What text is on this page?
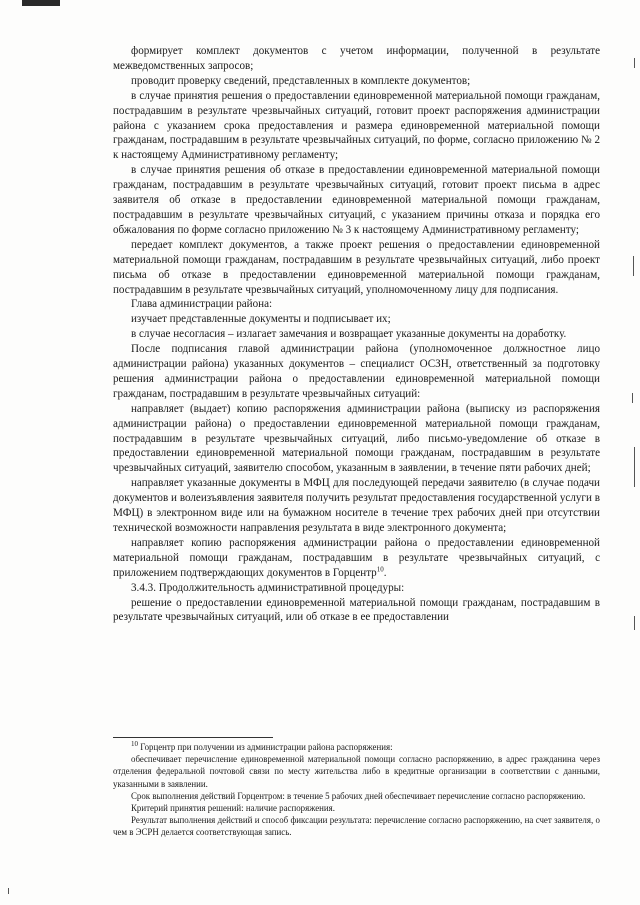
формирует комплект документов с учетом информации, полученной в результате межведомственных запросов;

проводит проверку сведений, представленных в комплекте документов;

в случае принятия решения о предоставлении единовременной материальной помощи гражданам, пострадавшим в результате чрезвычайных ситуаций, готовит проект распоряжения администрации района с указанием срока предоставления и размера единовременной материальной помощи гражданам, пострадавшим в результате чрезвычайных ситуаций, по форме, согласно приложению № 2 к настоящему Административному регламенту;

в случае принятия решения об отказе в предоставлении единовременной материальной помощи гражданам, пострадавшим в результате чрезвычайных ситуаций, готовит проект письма в адрес заявителя об отказе в предоставлении единовременной материальной помощи гражданам, пострадавшим в результате чрезвычайных ситуаций, с указанием причины отказа и порядка его обжалования по форме согласно приложению № 3 к настоящему Административному регламенту;

передает комплект документов, а также проект решения о предоставлении единовременной материальной помощи гражданам, пострадавшим в результате чрезвычайных ситуаций, либо проект письма об отказе в предоставлении единовременной материальной помощи гражданам, пострадавшим в результате чрезвычайных ситуаций, уполномоченному лицу для подписания.

Глава администрации района:

изучает представленные документы и подписывает их;

в случае несогласия – излагает замечания и возвращает указанные документы на доработку.

После подписания главой администрации района (уполномоченное должностное лицо администрации района) указанных документов – специалист ОСЗН, ответственный за подготовку решения администрации района о предоставлении единовременной материальной помощи гражданам, пострадавшим в результате чрезвычайных ситуаций:

направляет (выдает) копию распоряжения администрации района (выписку из распоряжения администрации района) о предоставлении единовременной материальной помощи гражданам, пострадавшим в результате чрезвычайных ситуаций, либо письмо-уведомление об отказе в предоставлении единовременной материальной помощи гражданам, пострадавшим в результате чрезвычайных ситуаций, заявителю способом, указанным в заявлении, в течение пяти рабочих дней;

направляет указанные документы в МФЦ для последующей передачи заявителю (в случае подачи документов и волеизъявления заявителя получить результат предоставления государственной услуги в МФЦ) в электронном виде или на бумажном носителе в течение трех рабочих дней при отсутствии технической возможности направления результата в виде электронного документа;

направляет копию распоряжения администрации района о предоставлении единовременной материальной помощи гражданам, пострадавшим в результате чрезвычайных ситуаций, с приложением подтверждающих документов в Горцентр$^{10}$.

3.4.3. Продолжительность административной процедуры:

решение о предоставлении единовременной материальной помощи гражданам, пострадавшим в результате чрезвычайных ситуаций, или об отказе в ее предоставлении

$^{10}$ Горцентр при получении из администрации района распоряжения:

обеспечивает перечисление единовременной материальной помощи согласно распоряжению, в адрес гражданина через отделения федеральной почтовой связи по месту жительства либо в кредитные организации в соответствии с данными, указанными в заявлении.

Срок выполнения действий Горцентром: в течение 5 рабочих дней обеспечивает перечисление согласно распоряжению.

Критерий принятия решений: наличие распоряжения.

Результат выполнения действий и способ фиксации результата: перечисление согласно распоряжению, на счет заявителя, о чем в ЭСРН делается соответствующая запись.
